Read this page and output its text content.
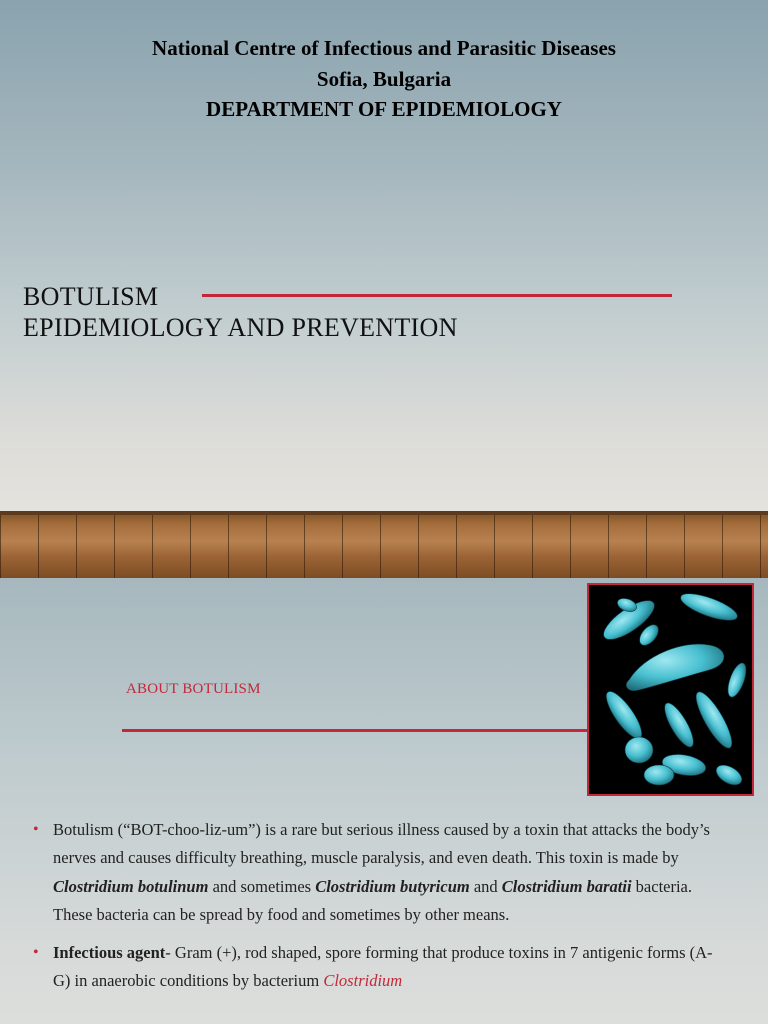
National Centre of Infectious and Parasitic Diseases
Sofia, Bulgaria
DEPARTMENT OF EPIDEMIOLOGY
BOTULISM
EPIDEMIOLOGY AND PREVENTION
ABOUT BOTULISM
• Botulism (“BOT-choo-liz-um”) is a rare but serious illness caused by a toxin that attacks the body’s nerves and causes difficulty breathing, muscle paralysis, and even death. This toxin is made by Clostridium botulinum and sometimes Clostridium butyricum and Clostridium baratii bacteria. These bacteria can be spread by food and sometimes by other means.
• Infectious agent- Gram (+), rod shaped, spore forming that produce toxins in 7 antigenic forms (A-G) in anaerobic conditions by bacterium Clostridium
